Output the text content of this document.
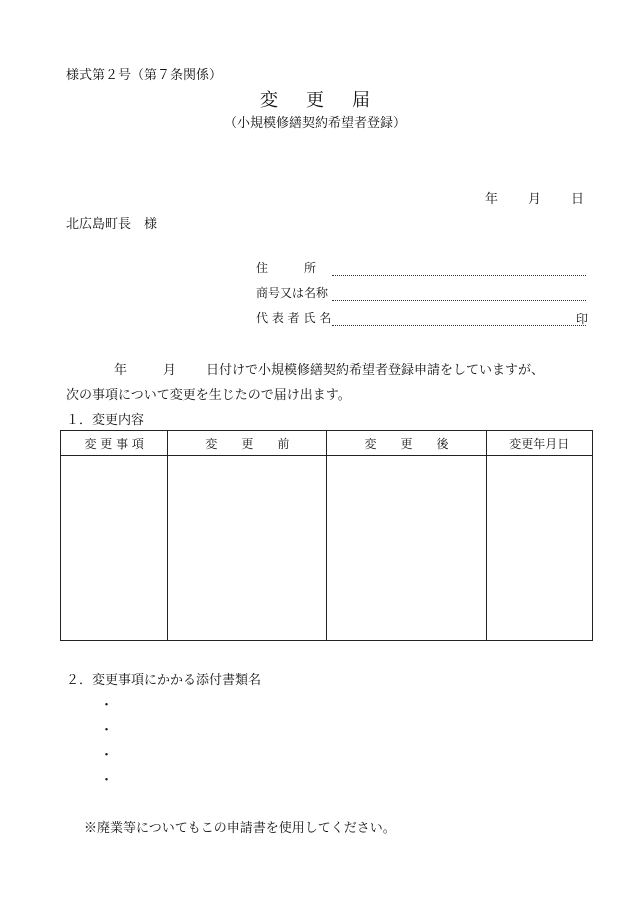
様式第２号（第７条関係）
変 更 届
（小規模修繕契約希望者登録）
年 月 日
北広島町長　様
住　　　所
商号又は名称
代 表 者 氏 名	印
年	月 日付けで小規模修繕契約希望者登録申請をしていますが、
次の事項について変更を生じたので届け出ます。
１．変更内容
変 更 事 項	変　　更　　前	変　　更　　後	変更年月日

２．変更事項にかかる添付書類名
・
・
・
・
※廃業等についてもこの申請書を使用してください。
